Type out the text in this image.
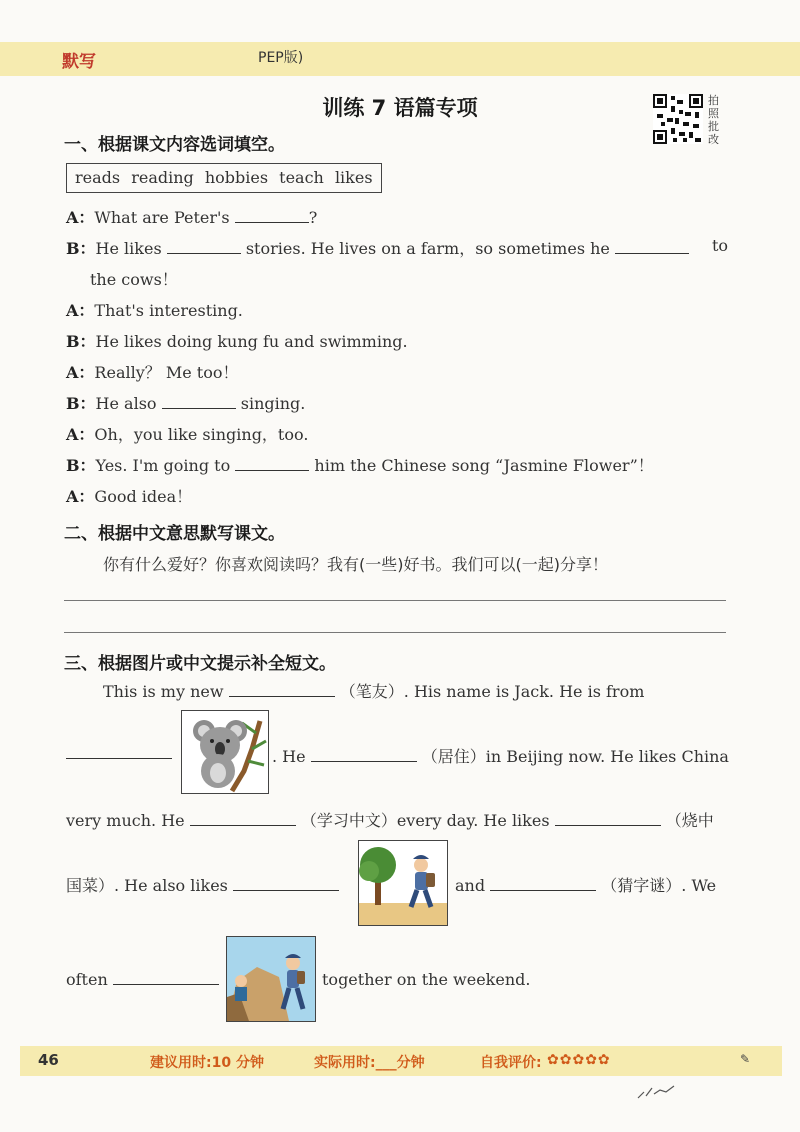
默写	PEP版)
训练 7 语篇专项	拍照批改
一、根据课文内容选词填空。
reads reading hobbies teach likes
A：What are Peter's	?
B：He likes	stories. He lives on a farm，so sometimes he	to
the cows！
A：That's interesting.
B：He likes doing kung fu and swimming.
A：Really？ Me too！
B：He also	singing.
A：Oh，you like singing，too.
B：Yes. I'm going to	him the Chinese song “Jasmine Flower”！
A：Good idea！
二、根据中文意思默写课文。
你有什么爱好？你喜欢阅读吗？我有(一些)好书。我们可以(一起)分享！
三、根据图片或中文提示补全短文。
This is my new	（笔友）. His name is Jack. He is from
. He	（居住）in Beijing now. He likes China
very much. He	（学习中文）every day. He likes	（烧中
国菜）. He also likes	and	（猜字谜）. We
often	together on the weekend.
46	建议用时:10 分钟	实际用时:___分钟	自我评价: ✿✿✿✿✿	✎
